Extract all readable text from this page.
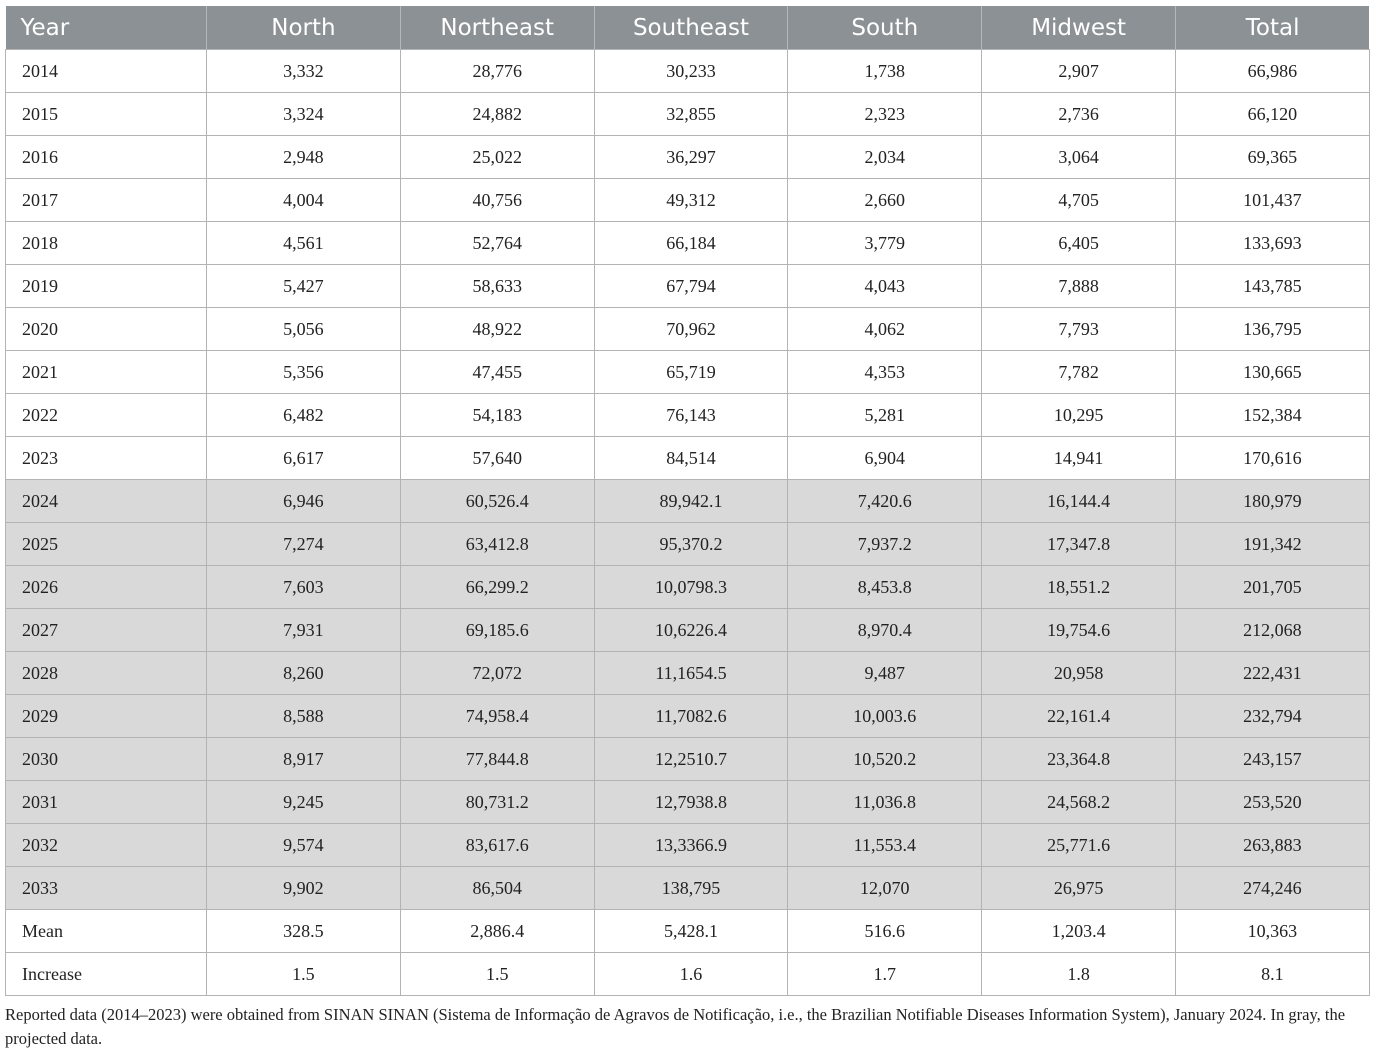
Year	North	Northeast	Southeast	South	Midwest	Total
2014	3,332	28,776	30,233	1,738	2,907	66,986
2015	3,324	24,882	32,855	2,323	2,736	66,120
2016	2,948	25,022	36,297	2,034	3,064	69,365
2017	4,004	40,756	49,312	2,660	4,705	101,437
2018	4,561	52,764	66,184	3,779	6,405	133,693
2019	5,427	58,633	67,794	4,043	7,888	143,785
2020	5,056	48,922	70,962	4,062	7,793	136,795
2021	5,356	47,455	65,719	4,353	7,782	130,665
2022	6,482	54,183	76,143	5,281	10,295	152,384
2023	6,617	57,640	84,514	6,904	14,941	170,616
2024	6,946	60,526.4	89,942.1	7,420.6	16,144.4	180,979
2025	7,274	63,412.8	95,370.2	7,937.2	17,347.8	191,342
2026	7,603	66,299.2	10,0798.3	8,453.8	18,551.2	201,705
2027	7,931	69,185.6	10,6226.4	8,970.4	19,754.6	212,068
2028	8,260	72,072	11,1654.5	9,487	20,958	222,431
2029	8,588	74,958.4	11,7082.6	10,003.6	22,161.4	232,794
2030	8,917	77,844.8	12,2510.7	10,520.2	23,364.8	243,157
2031	9,245	80,731.2	12,7938.8	11,036.8	24,568.2	253,520
2032	9,574	83,617.6	13,3366.9	11,553.4	25,771.6	263,883
2033	9,902	86,504	138,795	12,070	26,975	274,246
Mean	328.5	2,886.4	5,428.1	516.6	1,203.4	10,363
Increase	1.5	1.5	1.6	1.7	1.8	8.1
Reported data (2014–2023) were obtained from SINAN SINAN (Sistema de Informação de Agravos de Notificação, i.e., the Brazilian Notifiable Diseases Information System), January 2024. In gray, the projected data.
